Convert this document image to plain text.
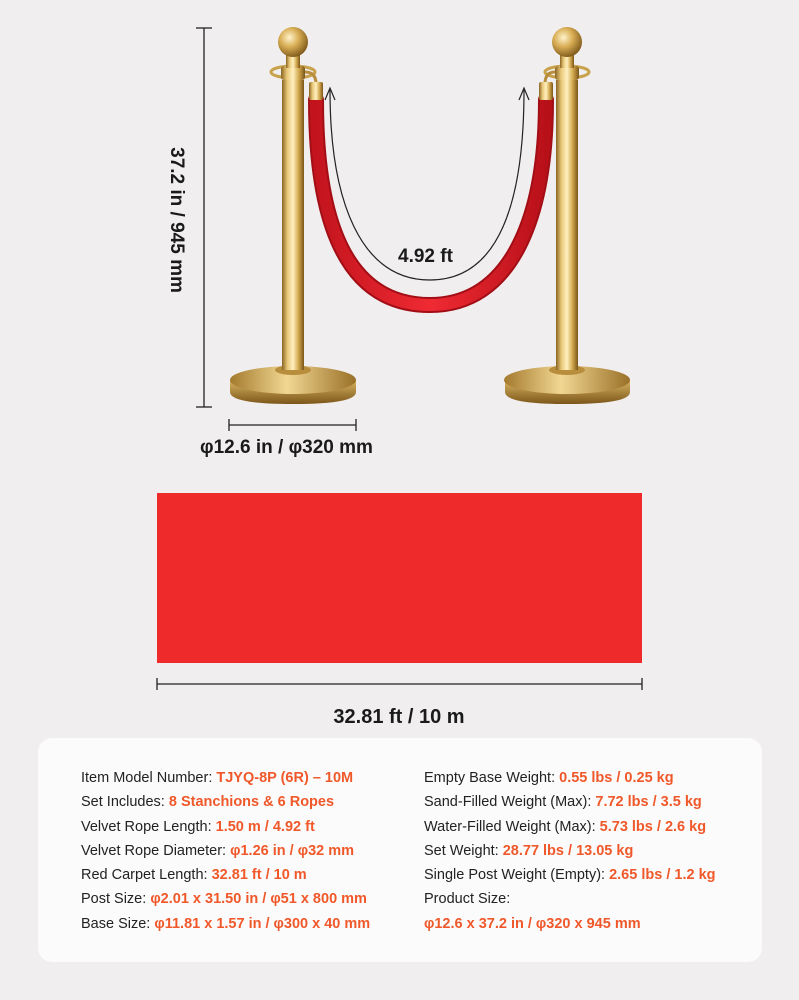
37.2 in / 945 mm	4.92 ft
φ12.6 in / φ320 mm
32.81 ft / 10 m
Item Model Number: TJYQ-8P (6R) – 10M
Set Includes: 8 Stanchions & 6 Ropes
Velvet Rope Length: 1.50 m / 4.92 ft
Velvet Rope Diameter: φ1.26 in / φ32 mm
Red Carpet Length: 32.81 ft / 10 m
Post Size: φ2.01 x 31.50 in / φ51 x 800 mm
Base Size: φ11.81 x 1.57 in / φ300 x 40 mm
Empty Base Weight: 0.55 lbs / 0.25 kg
Sand-Filled Weight (Max): 7.72 lbs / 3.5 kg
Water-Filled Weight (Max): 5.73 lbs / 2.6 kg
Set Weight: 28.77 lbs / 13.05 kg
Single Post Weight (Empty): 2.65 lbs / 1.2 kg
Product Size:
φ12.6 x 37.2 in / φ320 x 945 mm
